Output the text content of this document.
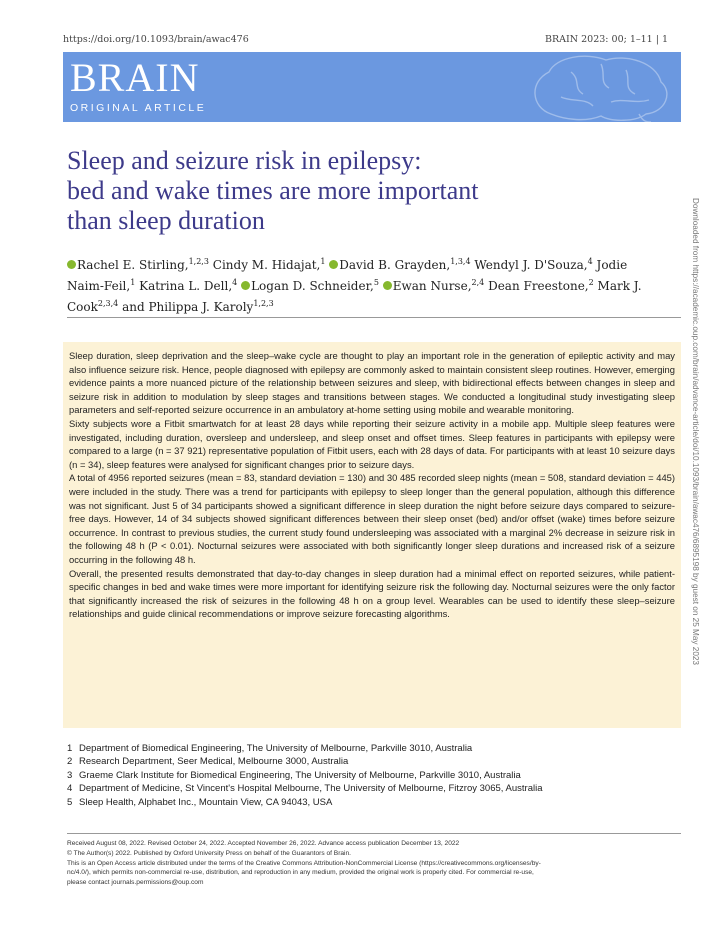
https://doi.org/10.1093/brain/awac476	BRAIN 2023: 00; 1–11 | 1
BRAIN
ORIGINAL ARTICLE
Sleep and seizure risk in epilepsy:
bed and wake times are more important
than sleep duration
Rachel E. Stirling,$^{1,2,3}$ Cindy M. Hidajat,$^1$ David B. Grayden,$^{1,3,4}$ Wendyl J. D'Souza,$^4$ Jodie Naim-Feil,$^1$ Katrina L. Dell,$^4$ Logan D. Schneider,$^5$ Ewan Nurse,$^{2,4}$ Dean Freestone,$^2$ Mark J. Cook$^{2,3,4}$ and Philippa J. Karoly$^{1,2,3}$	Downloaded from https://academic.oup.com/brain/advance-article/doi/10.1093/brain/awac476/6895198 by guest on 25 May 2023

Sleep duration, sleep deprivation and the sleep–wake cycle are thought to play an important role in the generation of epileptic activity and may also influence seizure risk. Hence, people diagnosed with epilepsy are commonly asked to maintain consistent sleep routines. However, emerging evidence paints a more nuanced picture of the relationship between seizures and sleep, with bidirectional effects between changes in sleep and seizure risk in addition to modulation by sleep stages and transitions between stages. We conducted a longitudinal study investigating sleep parameters and self-reported seizure occurrence in an ambulatory at-home setting using mobile and wearable monitoring.

Sixty subjects wore a Fitbit smartwatch for at least 28 days while reporting their seizure activity in a mobile app. Multiple sleep features were investigated, including duration, oversleep and undersleep, and sleep onset and offset times. Sleep features in participants with epilepsy were compared to a large (n = 37 921) representative population of Fitbit users, each with 28 days of data. For participants with at least 10 seizure days (n = 34), sleep features were analysed for significant changes prior to seizure days.

A total of 4956 reported seizures (mean = 83, standard deviation = 130) and 30 485 recorded sleep nights (mean = 508, standard deviation = 445) were included in the study. There was a trend for participants with epilepsy to sleep longer than the general population, although this difference was not significant. Just 5 of 34 participants showed a significant difference in sleep duration the night before seizure days compared to seizure-free days. However, 14 of 34 subjects showed significant differences between their sleep onset (bed) and/or offset (wake) times before seizure occurrence. In contrast to previous studies, the current study found undersleeping was associated with a marginal 2% decrease in seizure risk in the following 48 h (P < 0.01). Nocturnal seizures were associated with both significantly longer sleep durations and increased risk of a seizure occurring in the following 48 h.

Overall, the presented results demonstrated that day-to-day changes in sleep duration had a minimal effect on reported seizures, while patient-specific changes in bed and wake times were more important for identifying seizure risk the following day. Nocturnal seizures were the only factor that significantly increased the risk of seizures in the following 48 h on a group level. Wearables can be used to identify these sleep–seizure relationships and guide clinical recommendations or improve seizure forecasting algorithms.

1 Department of Biomedical Engineering, The University of Melbourne, Parkville 3010, Australia
2 Research Department, Seer Medical, Melbourne 3000, Australia
3 Graeme Clark Institute for Biomedical Engineering, The University of Melbourne, Parkville 3010, Australia
4 Department of Medicine, St Vincent's Hospital Melbourne, The University of Melbourne, Fitzroy 3065, Australia
5 Sleep Health, Alphabet Inc., Mountain View, CA 94043, USA
Received August 08, 2022. Revised October 24, 2022. Accepted November 26, 2022. Advance access publication December 13, 2022
© The Author(s) 2022. Published by Oxford University Press on behalf of the Guarantors of Brain.
This is an Open Access article distributed under the terms of the Creative Commons Attribution-NonCommercial License (https://creativecommons.org/licenses/by-
nc/4.0/), which permits non-commercial re-use, distribution, and reproduction in any medium, provided the original work is properly cited. For commercial re-use,
please contact journals.permissions@oup.com
